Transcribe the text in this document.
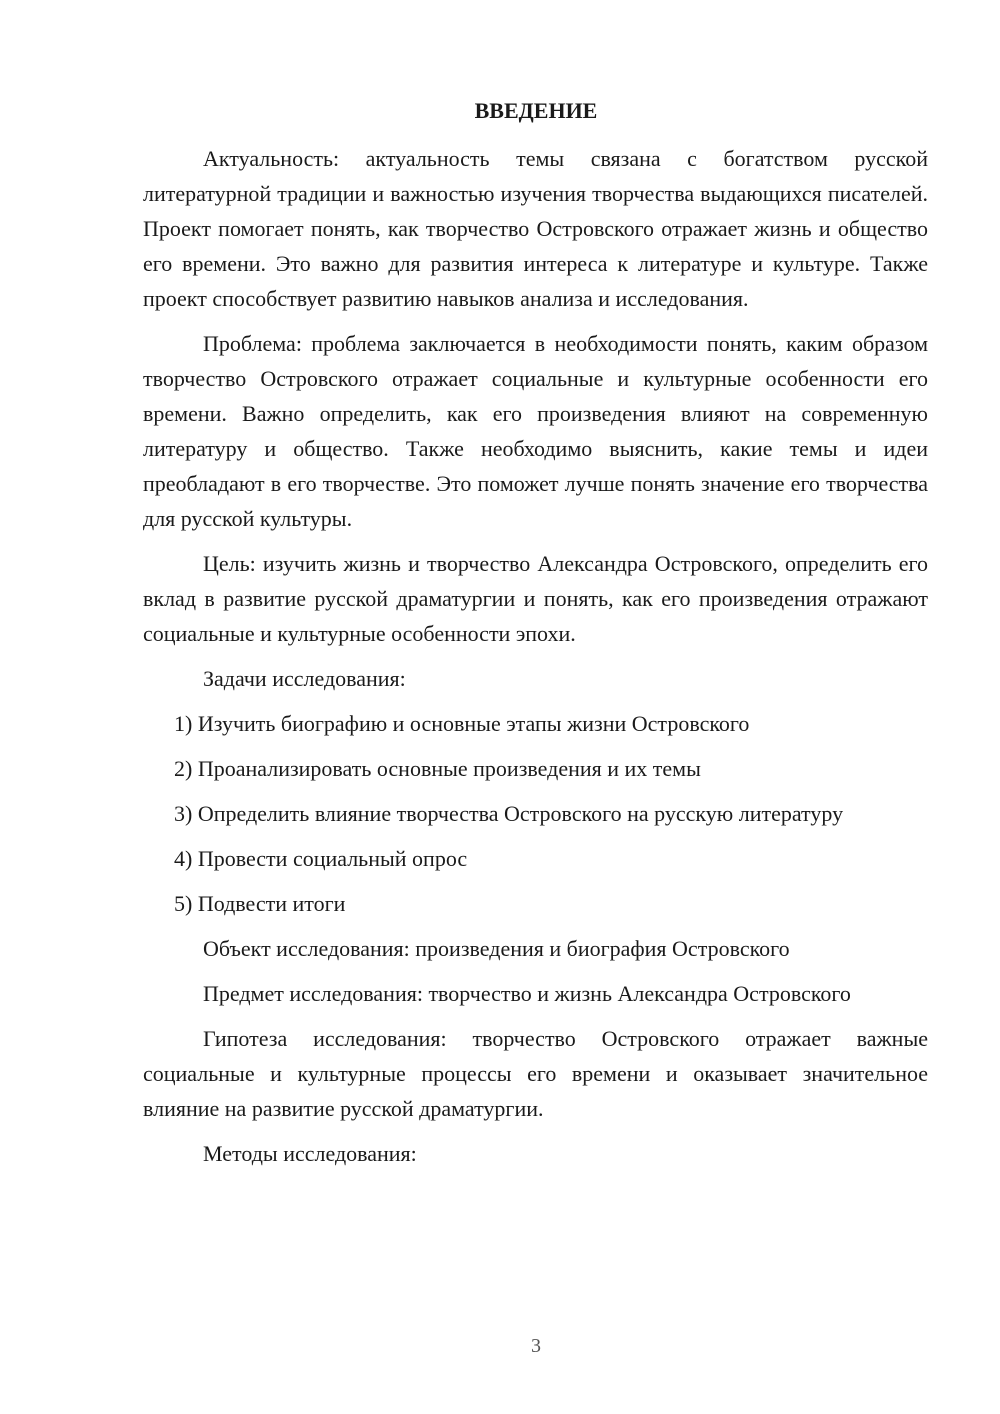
ВВЕДЕНИЕ

Актуальность: актуальность темы связана с богатством русской литературной традиции и важностью изучения творчества выдающихся писателей. Проект помогает понять, как творчество Островского отражает жизнь и общество его времени. Это важно для развития интереса к литературе и культуре. Также проект способствует развитию навыков анализа и исследования.

Проблема: проблема заключается в необходимости понять, каким образом творчество Островского отражает социальные и культурные особенности его времени. Важно определить, как его произведения влияют на современную литературу и общество. Также необходимо выяснить, какие темы и идеи преобладают в его творчестве. Это поможет лучше понять значение его творчества для русской культуры.

Цель: изучить жизнь и творчество Александра Островского, определить его вклад в развитие русской драматургии и понять, как его произведения отражают социальные и культурные особенности эпохи.

Задачи исследования:

1) Изучить биографию и основные этапы жизни Островского

2) Проанализировать основные произведения и их темы

3) Определить влияние творчества Островского на русскую литературу

4) Провести социальный опрос

5) Подвести итоги

Объект исследования: произведения и биография Островского

Предмет исследования: творчество и жизнь Александра Островского

Гипотеза исследования: творчество Островского отражает важные социальные и культурные процессы его времени и оказывает значительное влияние на развитие русской драматургии.

Методы исследования:

3
